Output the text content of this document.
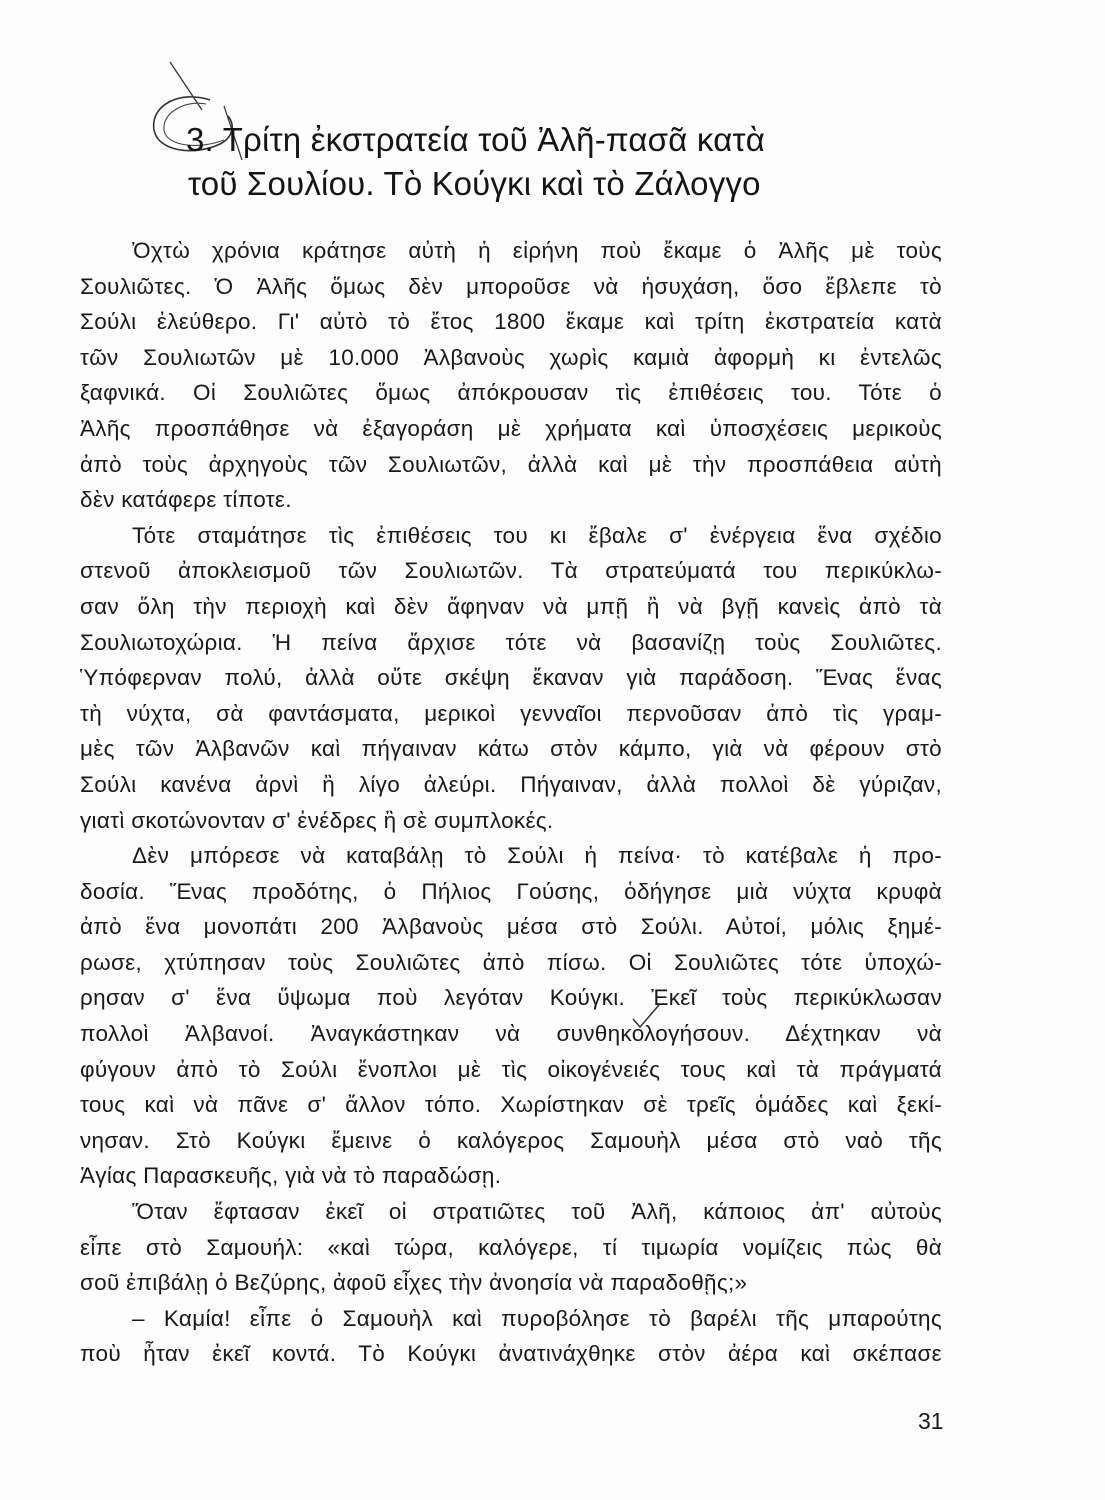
3. Τρίτη ἐκστρατεία τοῦ Ἀλῆ-πασᾶ κατὰ
τοῦ Σουλίου. Τὸ Κούγκι καὶ τὸ Ζάλογγο
Ὀχτὼ χρόνια κράτησε αὐτὴ ἡ εἰρήνη ποὺ ἔκαμε ὁ Ἀλῆς μὲ τοὺς
Σουλιῶτες. Ὁ Ἀλῆς ὅμως δὲν μποροῦσε νὰ ἡσυχάση, ὅσο ἔβλεπε τὸ
Σούλι ἐλεύθερο. Γι' αὐτὸ τὸ ἔτος 1800 ἔκαμε καὶ τρίτη ἐκστρατεία κατὰ
τῶν Σουλιωτῶν μὲ 10.000 Ἀλβανοὺς χωρὶς καμιὰ ἀφορμὴ κι ἐντελῶς
ξαφνικά. Οἱ Σουλιῶτες ὅμως ἀπόκρουσαν τὶς ἐπιθέσεις του. Τότε ὁ
Ἀλῆς προσπάθησε νὰ ἐξαγοράση μὲ χρήματα καὶ ὑποσχέσεις μερικοὺς
ἀπὸ τοὺς ἀρχηγοὺς τῶν Σουλιωτῶν, ἀλλὰ καὶ μὲ τὴν προσπάθεια αὐτὴ
δὲν κατάφερε τίποτε.
Τότε σταμάτησε τὶς ἐπιθέσεις του κι ἔβαλε σ' ἐνέργεια ἕνα σχέδιο
στενοῦ ἀποκλεισμοῦ τῶν Σουλιωτῶν. Τὰ στρατεύματά του περικύκλω-
σαν ὅλη τὴν περιοχὴ καὶ δὲν ἄφηναν νὰ μπῇ ἢ νὰ βγῇ κανεὶς ἀπὸ τὰ
Σουλιωτοχώρια. Ἡ πείνα ἄρχισε τότε νὰ βασανίζῃ τοὺς Σουλιῶτες.
Ὑπόφερναν πολύ, ἀλλὰ οὔτε σκέψη ἔκαναν γιὰ παράδοση. Ἕνας ἕνας
τὴ νύχτα, σὰ φαντάσματα, μερικοὶ γενναῖοι περνοῦσαν ἀπὸ τὶς γραμ-
μὲς τῶν Ἀλβανῶν καὶ πήγαιναν κάτω στὸν κάμπο, γιὰ νὰ φέρουν στὸ
Σούλι κανένα ἀρνὶ ἢ λίγο ἀλεύρι. Πήγαιναν, ἀλλὰ πολλοὶ δὲ γύριζαν,
γιατὶ σκοτώνονταν σ' ἐνέδρες ἢ σὲ συμπλοκές.
Δὲν μπόρεσε νὰ καταβάλῃ τὸ Σούλι ἡ πείνα· τὸ κατέβαλε ἡ προ-
δοσία. Ἕνας προδότης, ὁ Πήλιος Γούσης, ὁδήγησε μιὰ νύχτα κρυφὰ
ἀπὸ ἕνα μονοπάτι 200 Ἀλβανοὺς μέσα στὸ Σούλι. Αὐτοί, μόλις ξημέ-
ρωσε, χτύπησαν τοὺς Σουλιῶτες ἀπὸ πίσω. Οἱ Σουλιῶτες τότε ὑποχώ-
ρησαν σ' ἕνα ὕψωμα ποὺ λεγόταν Κούγκι. Ἐκεῖ τοὺς περικύκλωσαν
πολλοὶ Ἀλβανοί. Ἀναγκάστηκαν νὰ συνθηκολογήσουν. Δέχτηκαν νὰ
φύγουν ἀπὸ τὸ Σούλι ἔνοπλοι μὲ τὶς οἰκογένειές τους καὶ τὰ πράγματά
τους καὶ νὰ πᾶνε σ' ἄλλον τόπο. Χωρίστηκαν σὲ τρεῖς ὁμάδες καὶ ξεκί-
νησαν. Στὸ Κούγκι ἔμεινε ὁ καλόγερος Σαμουὴλ μέσα στὸ ναὸ τῆς
Ἁγίας Παρασκευῆς, γιὰ νὰ τὸ παραδώσῃ.
Ὅταν ἔφτασαν ἐκεῖ οἱ στρατιῶτες τοῦ Ἀλῆ, κάποιος ἀπ' αὐτοὺς
εἶπε στὸ Σαμουήλ: «καὶ τώρα, καλόγερε, τί τιμωρία νομίζεις πὼς θὰ
σοῦ ἐπιβάλῃ ὁ Βεζύρης, ἀφοῦ εἶχες τὴν ἀνοησία νὰ παραδοθῇς;»
– Καμία! εἶπε ὁ Σαμουὴλ καὶ πυροβόλησε τὸ βαρέλι τῆς μπαρούτης
ποὺ ἦταν ἐκεῖ κοντά. Τὸ Κούγκι ἀνατινάχθηκε στὸν ἀέρα καὶ σκέπασε
31
